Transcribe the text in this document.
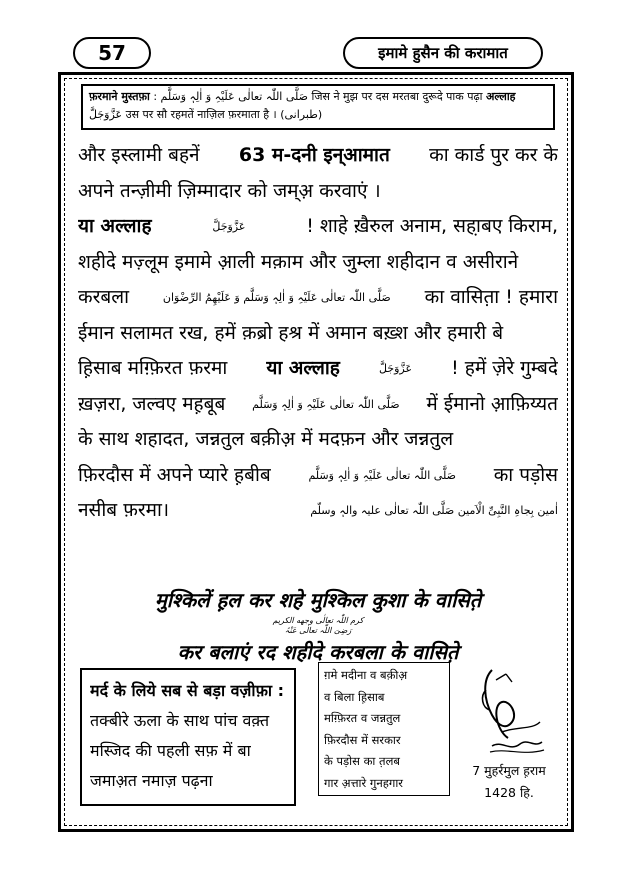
57	इमामे हुसैन की करामात
फ़रमाने मुस्तफ़ा صَلَّی اللّٰہ تعالٰی عَلَیْہِ وَ اٰلِہٖ وَسَلَّم : जिस ने मुझ पर दस मरतबा दुरूदे पाक पढ़ा अल्लाह
عَزَّوَجَلَّ उस पर सौ रहमतें नाज़िल फ़रमाता है । (طبرانی)
और इस्लामी बहनें 63 म-दनी इन्आमात का कार्ड पुर कर के
अपने तन्ज़ीमी ज़िम्मादार को जम्अ़ करवाएं ।
या अल्लाह	عَزَّوَجَلَّ	! शाहे खै़रुल अनाम, सहा़बए किराम,
शहीदे मज़्लूम इमामे आ़ली मक़ाम और जुम्ला शहीदान व असीराने
करबला	صَلَّی اللّٰہ تعالٰی عَلَیْہِ وَ اٰلِہٖ وَسَلَّم وَ عَلَیْھِمُ الرِّضْوَان का वासित़ा ! हमारा
ईमान सलामत रख, हमें क़ब्रो हश्र में अमान बख़्श और हमारी बे
ह़िसाब मग़्फ़िरत फ़रमा या अल्लाह	عَزَّوَجَلَّ ! हमें ज़ेरे गुम्बदे
ख़ज़रा, जल्वए मह़बूब صَلَّی اللّٰہ تعالٰی عَلَیْہِ وَ اٰلِہٖ وَسَلَّم में ईमानो आ़फ़िय्यत
के साथ शहादत, जन्नतुल बक़ीअ़ में मदफ़न और जन्नतुल
फ़िरदौस में अपने प्यारे ह़बीब	صَلَّی اللّٰہ تعالٰی عَلَیْہِ وَ اٰلِہٖ وَسَلَّم का पड़ोस
नसीब फ़रमा।	اٰمین بِجاہِ النَّبِیِّ الْاَمین صَلَّی اللّٰہ تعالٰی علیہ والہٖ وسلّم
मुश्किलें ह़ल कर शहे मुश्किल कुशा के वासित़े
كرم اللّٰہ تعالٰی وجهه الكريم
رَضِیَ اللّٰہ تعالٰی عَنْہُ
कर बलाएं रद शहीदे करबला के वासित़े
मर्द के लिये सब से बड़ा वज़ीफ़ा :
तक्बीरे ऊला के साथ पांच वक़्त
मस्जिद की पहली सफ़ में बा
जमाअ़त नमाज़ पढ़ना
ग़मे मदीना व बक़ीअ़
व बिला ह़िसाब
मग़्फ़िरत व जन्नतुल
फ़िरदौस में सरकार
के पड़ोस का त़लब
गार अ़त्तारे गुनहगार
7 मुहर्रमुल ह़राम
1428 हि.
